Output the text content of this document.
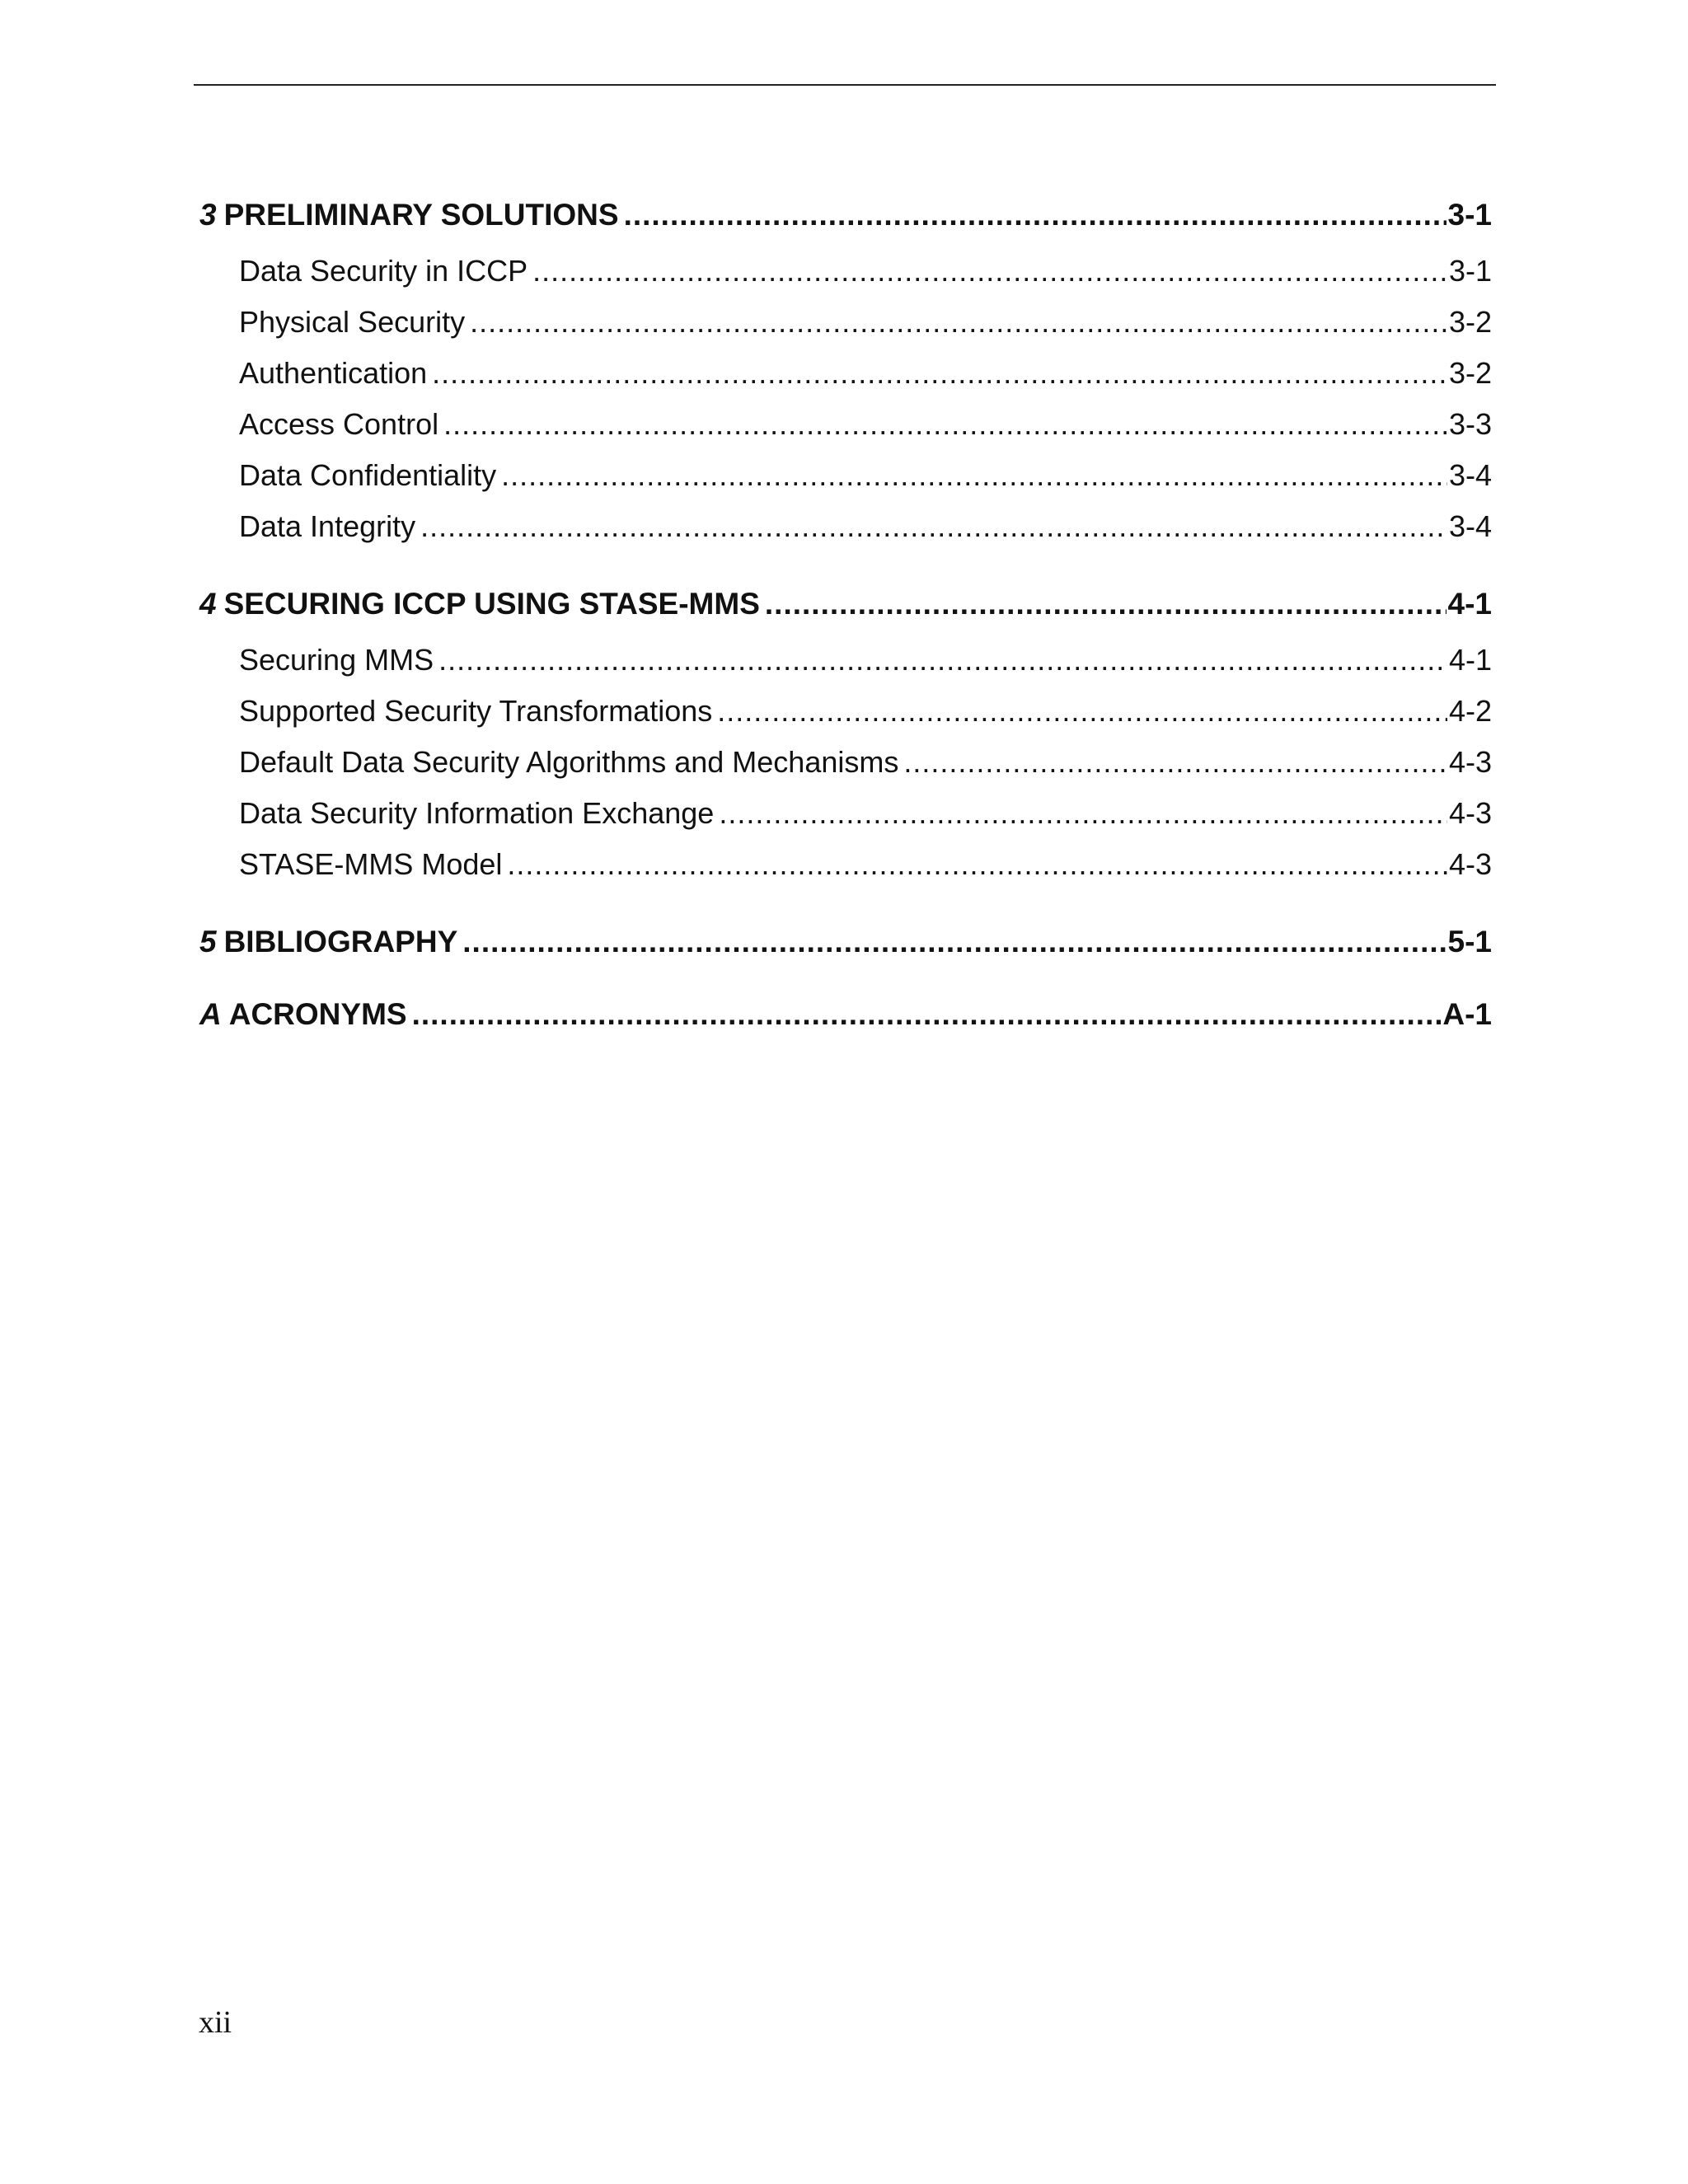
3 PRELIMINARY SOLUTIONS .....	3-1
Data Security in ICCP .....	3-1
Physical Security .....	3-2
Authentication .....	3-2
Access Control .....	3-3
Data Confidentiality .....	3-4
Data Integrity .....	3-4
4 SECURING ICCP USING STASE-MMS .....	4-1
Securing MMS .....	4-1
Supported Security Transformations .....	4-2
Default Data Security Algorithms and Mechanisms .....	4-3
Data Security Information Exchange .....	4-3
STASE-MMS Model .....	4-3
5 BIBLIOGRAPHY .....	5-1
A ACRONYMS .....	A-1
xii
